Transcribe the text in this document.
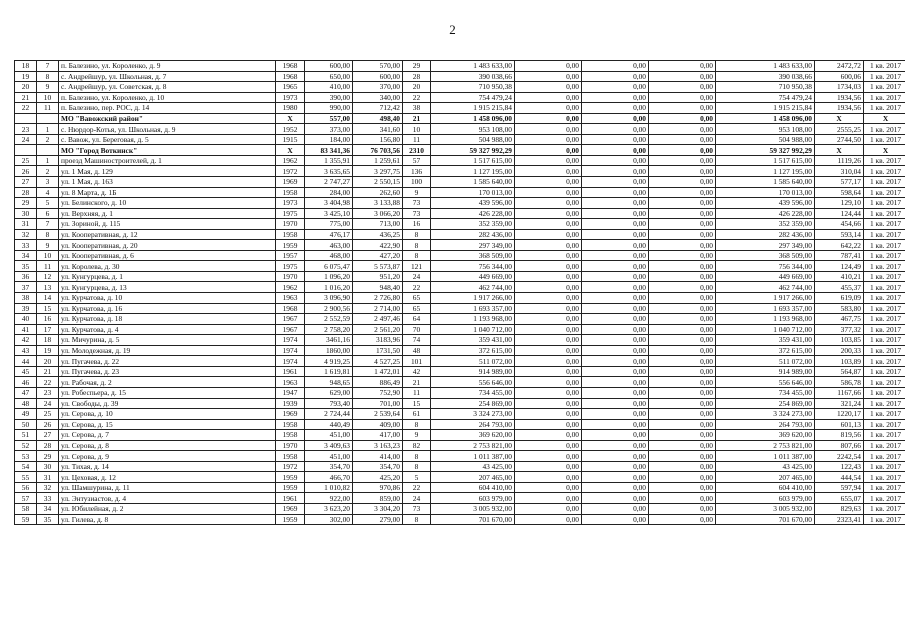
2
18	7	п. Балезино, ул. Короленко, д. 9	1968	600,00	570,00	29	1 483 633,00	0,00	0,00	0,00	1 483 633,00	2472,72	1 кв. 2017
19	8	с. Андрейшур, ул. Школьная, д. 7	1968	650,00	600,00	28	390 038,66	0,00	0,00	0,00	390 038,66	600,06	1 кв. 2017
20	9	с. Андрейшур, ул. Советская, д. 8	1965	410,00	370,00	20	710 950,38	0,00	0,00	0,00	710 950,38	1734,03	1 кв. 2017
21	10	п. Балезино, ул. Короленко, д. 10	1973	390,00	340,00	22	754 479,24	0,00	0,00	0,00	754 479,24	1934,56	1 кв. 2017
22	11	п. Балезино, пер. РОС, д. 14	1980	990,00	712,42	38	1 915 215,84	0,00	0,00	0,00	1 915 215,84	1934,56	1 кв. 2017
		МО "Вавожский район"	X	557,00	498,40	21	1 458 096,00	0,00	0,00	0,00	1 458 096,00	X	X
23	1	с. Нюрдор-Котья, ул. Школьная, д. 9	1952	373,00	341,60	10	953 108,00	0,00	0,00	0,00	953 108,00	2555,25	1 кв. 2017
24	2	с. Вавож, ул. Береговая, д. 5	1915	184,00	156,80	11	504 988,00	0,00	0,00	0,00	504 988,00	2744,50	1 кв. 2017
		МО "Город Воткинск"	X	83 341,36	76 703,56	2310	59 327 992,29	0,00	0,00	0,00	59 327 992,29	X	X
25	1	проезд Машиностроителей, д. 1	1962	1 355,91	1 259,61	57	1 517 615,00	0,00	0,00	0,00	1 517 615,00	1119,26	1 кв. 2017
26	2	ул. 1 Мая, д. 129	1972	3 635,65	3 297,75	136	1 127 195,00	0,00	0,00	0,00	1 127 195,00	310,04	1 кв. 2017
27	3	ул. 1 Мая, д. 163	1969	2 747,27	2 550,15	100	1 585 640,00	0,00	0,00	0,00	1 585 640,00	577,17	1 кв. 2017
28	4	ул. 8 Марта, д. 1Б	1958	284,00	262,60	9	170 013,00	0,00	0,00	0,00	170 013,00	598,64	1 кв. 2017
29	5	ул. Белинского, д. 10	1973	3 404,98	3 133,88	73	439 596,00	0,00	0,00	0,00	439 596,00	129,10	1 кв. 2017
30	6	ул. Верхняя, д. 1	1975	3 425,10	3 066,20	73	426 228,00	0,00	0,00	0,00	426 228,00	124,44	1 кв. 2017
31	7	ул. Зориной, д. 115	1970	775,00	713,00	16	352 359,00	0,00	0,00	0,00	352 359,00	454,66	1 кв. 2017
32	8	ул. Кооперативная, д. 12	1958	476,17	436,25	8	282 436,00	0,00	0,00	0,00	282 436,00	593,14	1 кв. 2017
33	9	ул. Кооперативная, д. 20	1959	463,00	422,90	8	297 349,00	0,00	0,00	0,00	297 349,00	642,22	1 кв. 2017
34	10	ул. Кооперативная, д. 6	1957	468,00	427,20	8	368 509,00	0,00	0,00	0,00	368 509,00	787,41	1 кв. 2017
35	11	ул. Королева, д. 30	1975	6 075,47	5 573,87	121	756 344,00	0,00	0,00	0,00	756 344,00	124,49	1 кв. 2017
36	12	ул. Кунгурцева, д. 1	1970	1 096,20	951,20	24	449 669,00	0,00	0,00	0,00	449 669,00	410,21	1 кв. 2017
37	13	ул. Кунгурцева, д. 13	1962	1 016,20	948,40	22	462 744,00	0,00	0,00	0,00	462 744,00	455,37	1 кв. 2017
38	14	ул. Курчатова, д. 10	1963	3 096,90	2 726,80	65	1 917 266,00	0,00	0,00	0,00	1 917 266,00	619,09	1 кв. 2017
39	15	ул. Курчатова, д. 16	1968	2 900,56	2 714,00	65	1 693 357,00	0,00	0,00	0,00	1 693 357,00	583,80	1 кв. 2017
40	16	ул. Курчатова, д. 18	1967	2 552,59	2 497,46	64	1 193 968,00	0,00	0,00	0,00	1 193 968,00	467,75	1 кв. 2017
41	17	ул. Курчатова, д. 4	1967	2 758,20	2 561,20	70	1 040 712,00	0,00	0,00	0,00	1 040 712,00	377,32	1 кв. 2017
42	18	ул. Мичурина, д. 5	1974	3461,16	3183,96	74	359 431,00	0,00	0,00	0,00	359 431,00	103,85	1 кв. 2017
43	19	ул. Молодежная, д. 19	1974	1860,00	1731,50	48	372 615,00	0,00	0,00	0,00	372 615,00	200,33	1 кв. 2017
44	20	ул. Пугачева, д. 22	1974	4 919,25	4 527,25	101	511 072,00	0,00	0,00	0,00	511 072,00	103,89	1 кв. 2017
45	21	ул. Пугачева, д. 23	1961	1 619,81	1 472,01	42	914 989,00	0,00	0,00	0,00	914 989,00	564,87	1 кв. 2017
46	22	ул. Рабочая, д. 2	1963	948,65	886,49	21	556 646,00	0,00	0,00	0,00	556 646,00	586,78	1 кв. 2017
47	23	ул. Робеспьера, д. 15	1947	629,00	752,90	11	734 455,00	0,00	0,00	0,00	734 455,00	1167,66	1 кв. 2017
48	24	ул. Свободы, д. 39	1939	793,40	701,00	15	254 869,00	0,00	0,00	0,00	254 869,00	321,24	1 кв. 2017
49	25	ул. Серова, д. 10	1969	2 724,44	2 539,64	61	3 324 273,00	0,00	0,00	0,00	3 324 273,00	1220,17	1 кв. 2017
50	26	ул. Серова, д. 15	1958	440,49	409,00	8	264 793,00	0,00	0,00	0,00	264 793,00	601,13	1 кв. 2017
51	27	ул. Серова, д. 7	1958	451,00	417,00	9	369 620,00	0,00	0,00	0,00	369 620,00	819,56	1 кв. 2017
52	28	ул. Серова, д. 8	1970	3 409,63	3 163,23	82	2 753 821,00	0,00	0,00	0,00	2 753 821,00	807,66	1 кв. 2017
53	29	ул. Серова, д. 9	1958	451,00	414,00	8	1 011 387,00	0,00	0,00	0,00	1 011 387,00	2242,54	1 кв. 2017
54	30	ул. Тихая, д. 14	1972	354,70	354,70	8	43 425,00	0,00	0,00	0,00	43 425,00	122,43	1 кв. 2017
55	31	ул. Цеховая, д. 12	1959	466,70	425,20	5	207 465,00	0,00	0,00	0,00	207 465,00	444,54	1 кв. 2017
56	32	ул. Шамшурина, д. 11	1959	1 010,82	970,86	22	604 410,00	0,00	0,00	0,00	604 410,00	597,94	1 кв. 2017
57	33	ул. Энтузиастов, д. 4	1961	922,00	859,00	24	603 979,00	0,00	0,00	0,00	603 979,00	655,07	1 кв. 2017
58	34	ул. Юбилейная, д. 2	1969	3 623,20	3 304,20	73	3 005 932,00	0,00	0,00	0,00	3 005 932,00	829,63	1 кв. 2017
59	35	ул. Гилева, д. 8	1959	302,00	279,00	8	701 670,00	0,00	0,00	0,00	701 670,00	2323,41	1 кв. 2017
